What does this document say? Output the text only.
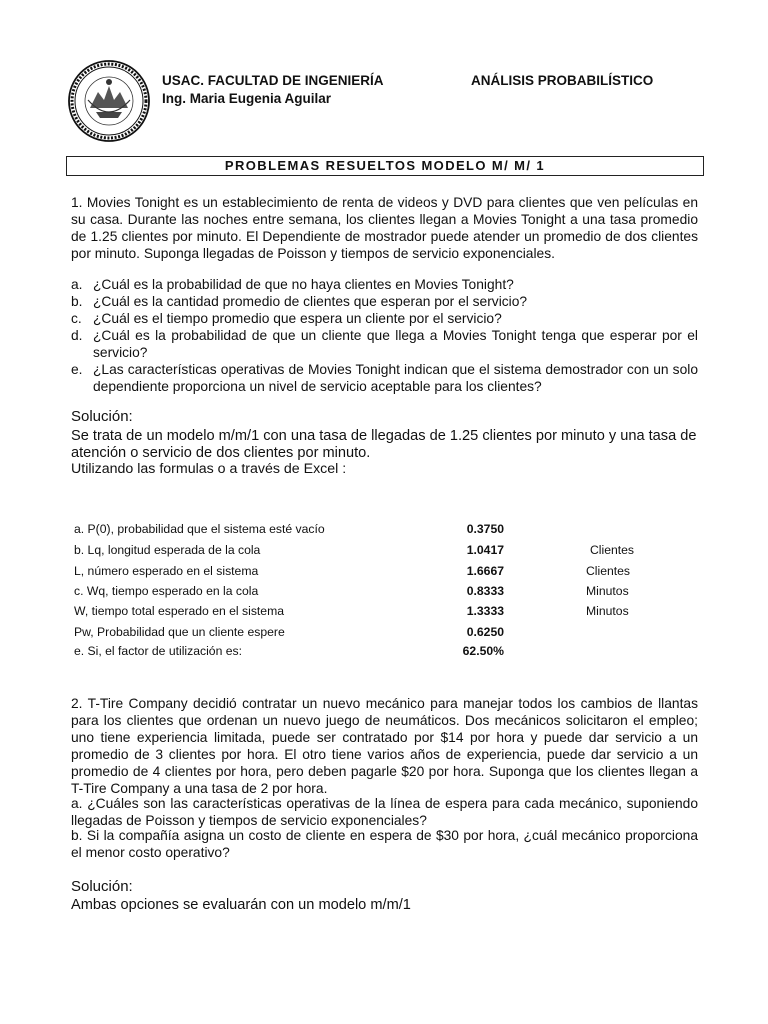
USAC. FACULTAD DE INGENIERÍA	ANÁLISIS PROBABILÍSTICO
Ing. Maria Eugenia Aguilar
PROBLEMAS RESUELTOS MODELO M/ M/ 1
1. Movies Tonight es un establecimiento de renta de videos y DVD para clientes que ven películas en su casa. Durante las noches entre semana, los clientes llegan a Movies Tonight a una tasa promedio de 1.25 clientes por minuto. El Dependiente de mostrador puede atender un promedio de dos clientes por minuto. Suponga llegadas de Poisson y tiempos de servicio exponenciales.
a. ¿Cuál es la probabilidad de que no haya clientes en Movies Tonight?
b. ¿Cuál es la cantidad promedio de clientes que esperan por el servicio?
c. ¿Cuál es el tiempo promedio que espera un cliente por el servicio?
d. ¿Cuál es la probabilidad de que un cliente que llega a Movies Tonight tenga que esperar por el servicio?
e. ¿Las características operativas de Movies Tonight indican que el sistema demostrador con un solo dependiente proporciona un nivel de servicio aceptable para los clientes?
Solución:
Se trata de un modelo m/m/1 con una tasa de llegadas de 1.25 clientes por minuto y una tasa de atención o servicio de dos clientes por minuto.
Utilizando las formulas o a través de Excel :
a. P(0), probabilidad que el sistema esté vacío	0.3750
b. Lq, longitud esperada de la cola	1.0417	Clientes
L, número esperado en el sistema	1.6667	Clientes
c. Wq, tiempo esperado en la cola	0.8333	Minutos
W, tiempo total esperado en el sistema	1.3333	Minutos
Pw, Probabilidad que un cliente espere	0.6250
e. Si, el factor de utilización es:	62.50%
2. T-Tire Company decidió contratar un nuevo mecánico para manejar todos los cambios de llantas para los clientes que ordenan un nuevo juego de neumáticos. Dos mecánicos solicitaron el empleo; uno tiene experiencia limitada, puede ser contratado por $14 por hora y puede dar servicio a un promedio de 3 clientes por hora. El otro tiene varios años de experiencia, puede dar servicio a un promedio de 4 clientes por hora, pero deben pagarle $20 por hora. Suponga que los clientes llegan a T-Tire Company a una tasa de 2 por hora.
a. ¿Cuáles son las características operativas de la línea de espera para cada mecánico, suponiendo llegadas de Poisson y tiempos de servicio exponenciales?
b. Si la compañía asigna un costo de cliente en espera de $30 por hora, ¿cuál mecánico proporciona el menor costo operativo?
Solución:
Ambas opciones se evaluarán con un modelo m/m/1
